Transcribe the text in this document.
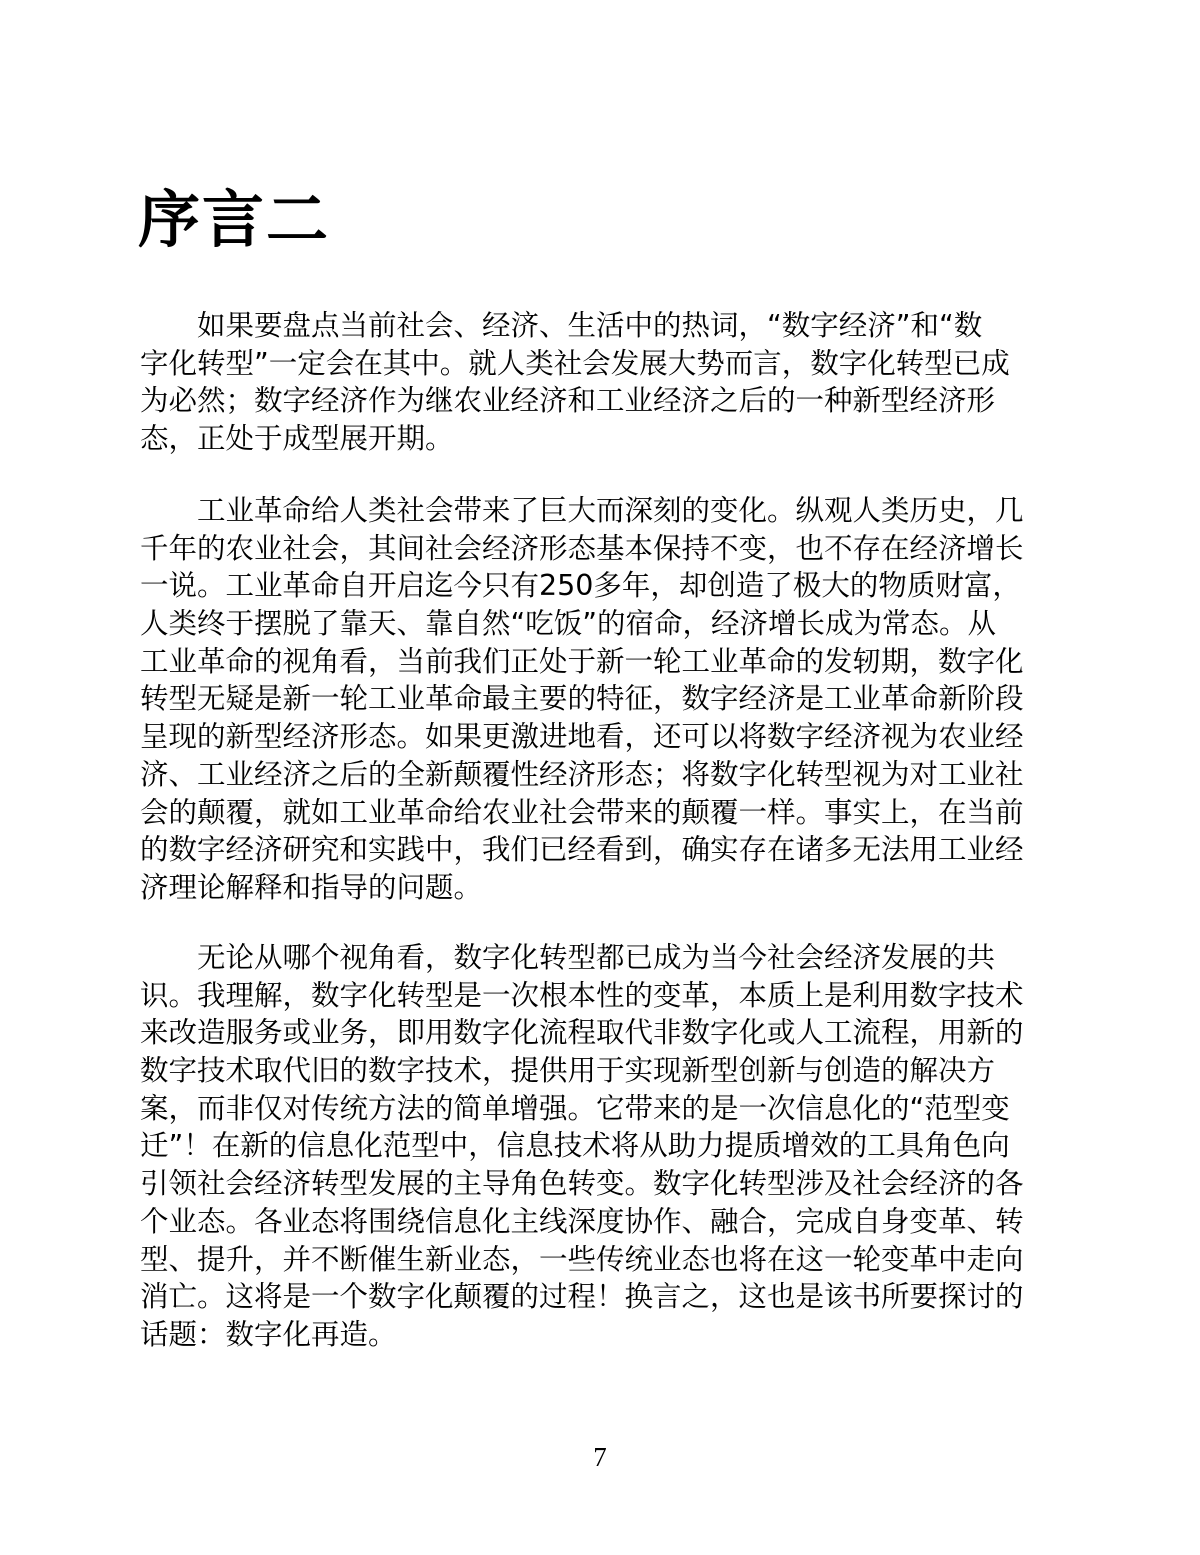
序言二
如果要盘点当前社会、经济、生活中的热词，“数字经济”和“数
字化转型”一定会在其中。就人类社会发展大势而言，数字化转型已成
为必然；数字经济作为继农业经济和工业经济之后的一种新型经济形
态，正处于成型展开期。
工业革命给人类社会带来了巨大而深刻的变化。纵观人类历史，几
千年的农业社会，其间社会经济形态基本保持不变，也不存在经济增长
一说。工业革命自开启迄今只有250多年，却创造了极大的物质财富，
人类终于摆脱了靠天、靠自然“吃饭”的宿命，经济增长成为常态。从
工业革命的视角看，当前我们正处于新一轮工业革命的发轫期，数字化
转型无疑是新一轮工业革命最主要的特征，数字经济是工业革命新阶段
呈现的新型经济形态。如果更激进地看，还可以将数字经济视为农业经
济、工业经济之后的全新颠覆性经济形态；将数字化转型视为对工业社
会的颠覆，就如工业革命给农业社会带来的颠覆一样。事实上，在当前
的数字经济研究和实践中，我们已经看到，确实存在诸多无法用工业经
济理论解释和指导的问题。
无论从哪个视角看，数字化转型都已成为当今社会经济发展的共
识。我理解，数字化转型是一次根本性的变革，本质上是利用数字技术
来改造服务或业务，即用数字化流程取代非数字化或人工流程，用新的
数字技术取代旧的数字技术，提供用于实现新型创新与创造的解决方
案，而非仅对传统方法的简单增强。它带来的是一次信息化的“范型变
迁”！在新的信息化范型中，信息技术将从助力提质增效的工具角色向
引领社会经济转型发展的主导角色转变。数字化转型涉及社会经济的各
个业态。各业态将围绕信息化主线深度协作、融合，完成自身变革、转
型、提升，并不断催生新业态，一些传统业态也将在这一轮变革中走向
消亡。这将是一个数字化颠覆的过程！换言之，这也是该书所要探讨的
话题：数字化再造。
7
